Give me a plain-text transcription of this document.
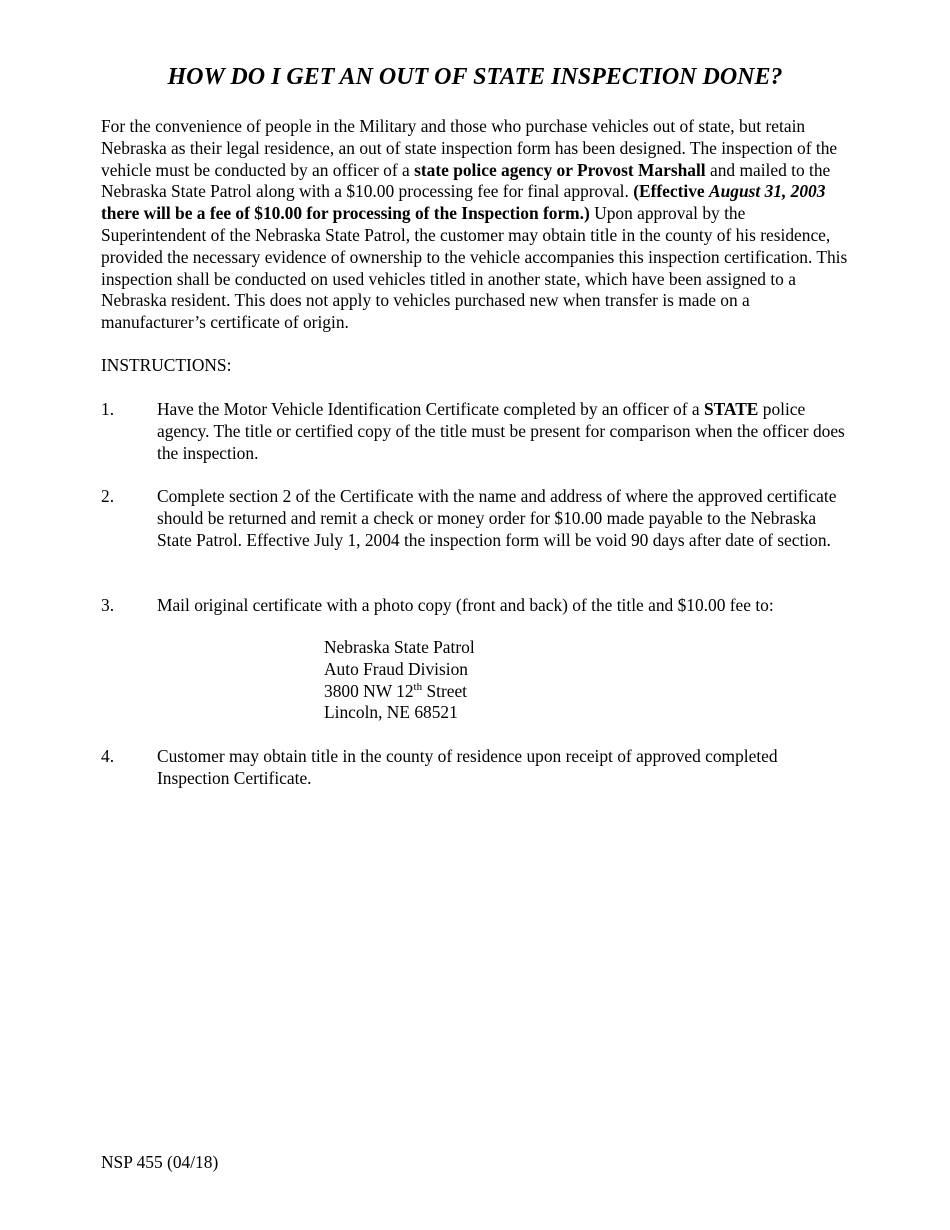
HOW DO I GET AN OUT OF STATE INSPECTION DONE?

For the convenience of people in the Military and those who purchase vehicles out of state, but retain Nebraska as their legal residence, an out of state inspection form has been designed. The inspection of the vehicle must be conducted by an officer of a state police agency or Provost Marshall and mailed to the Nebraska State Patrol along with a $10.00 processing fee for final approval. (Effective August 31, 2003 there will be a fee of $10.00 for processing of the Inspection form.) Upon approval by the Superintendent of the Nebraska State Patrol, the customer may obtain title in the county of his residence, provided the necessary evidence of ownership to the vehicle accompanies this inspection certification. This inspection shall be conducted on used vehicles titled in another state, which have been assigned to a Nebraska resident. This does not apply to vehicles purchased new when transfer is made on a manufacturer’s certificate of origin.

INSTRUCTIONS:

1.	Have the Motor Vehicle Identification Certificate completed by an officer of a STATE police agency. The title or certified copy of the title must be present for comparison when the officer does the inspection.
2.	Complete section 2 of the Certificate with the name and address of where the approved certificate should be returned and remit a check or money order for $10.00 made payable to the Nebraska State Patrol. Effective July 1, 2004 the inspection form will be void 90 days after date of section.
3.	Mail original certificate with a photo copy (front and back) of the title and $10.00 fee to:
Nebraska State Patrol
Auto Fraud Division
3800 NW 12th Street
Lincoln, NE 68521
4.	Customer may obtain title in the county of residence upon receipt of approved completed Inspection Certificate.

NSP 455 (04/18)
